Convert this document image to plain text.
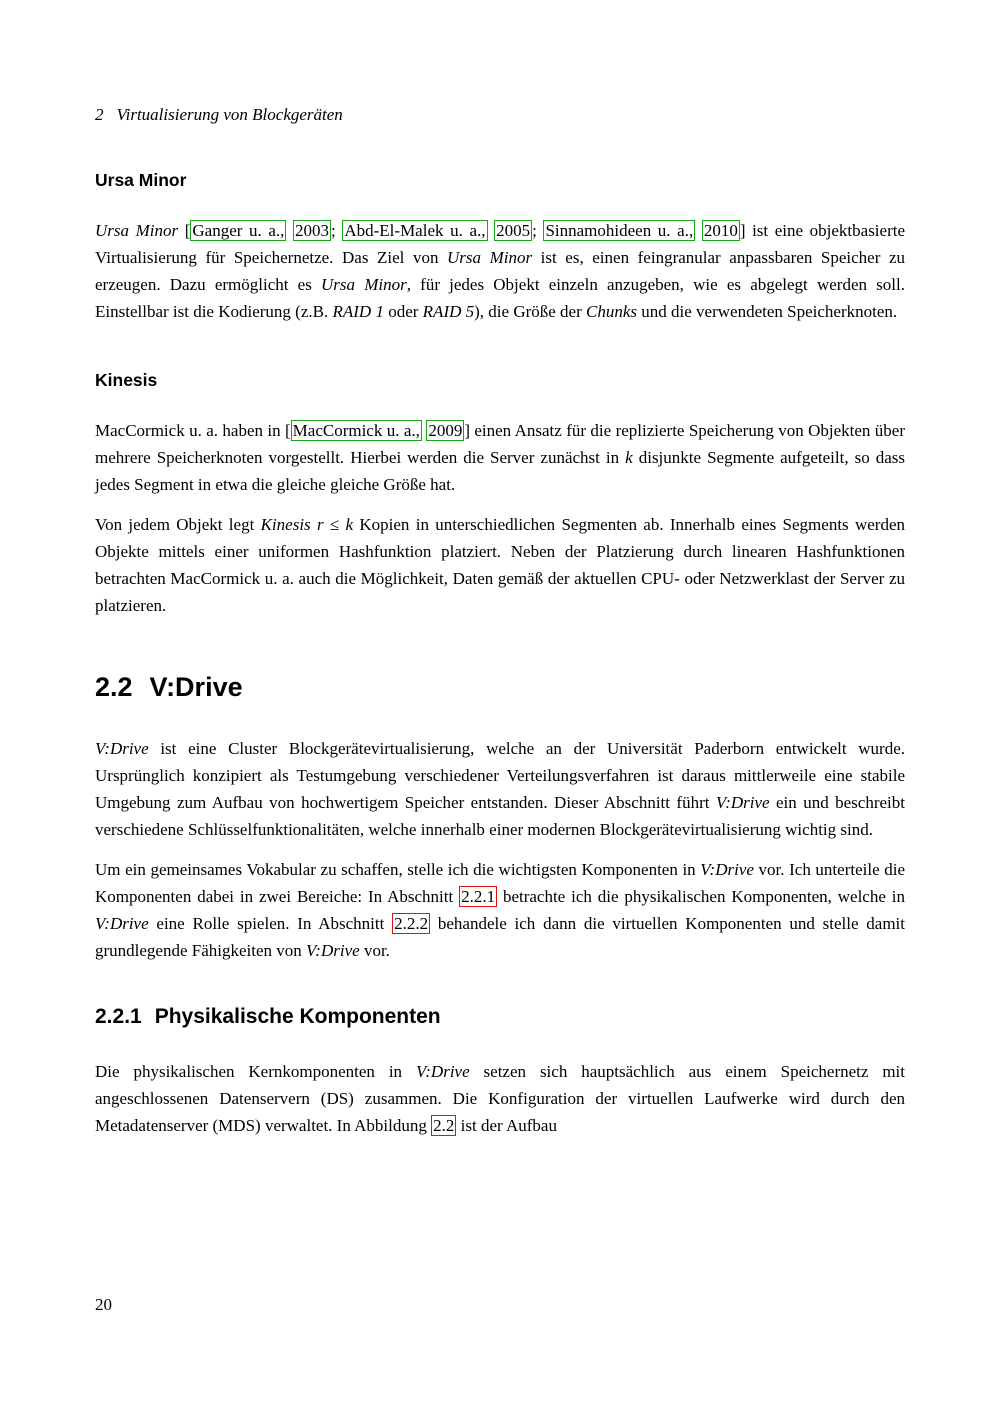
2 Virtualisierung von Blockgeräten
Ursa Minor

Ursa Minor [ Ganger u. a., 2003 ; Abd-El-Malek u. a., 2005 ; Sinnamohideen u. a., 2010 ] ist eine objektbasierte Virtualisierung für Speichernetze. Das Ziel von Ursa Minor ist es, einen feingranular anpassbaren Speicher zu erzeugen. Dazu ermöglicht es Ursa Minor, für jedes Objekt einzeln anzugeben, wie es abgelegt werden soll. Einstellbar ist die Kodierung (z.B. RAID 1 oder RAID 5), die Größe der Chunks und die verwendeten Speicherknoten.

Kinesis

MacCormick u. a. haben in [ MacCormick u. a., 2009 ] einen Ansatz für die replizierte Speicherung von Objekten über mehrere Speicherknoten vorgestellt. Hierbei werden die Server zunächst in k disjunkte Segmente aufgeteilt, so dass jedes Segment in etwa die gleiche gleiche Größe hat.

Von jedem Objekt legt Kinesis r ≤ k Kopien in unterschiedlichen Segmenten ab. Innerhalb eines Segments werden Objekte mittels einer uniformen Hashfunktion platziert. Neben der Platzierung durch linearen Hashfunktionen betrachten MacCormick u. a. auch die Möglichkeit, Daten gemäß der aktuellen CPU- oder Netzwerklast der Server zu platzieren.

2.2 V:Drive

V:Drive ist eine Cluster Blockgerätevirtualisierung, welche an der Universität Paderborn entwickelt wurde. Ursprünglich konzipiert als Testumgebung verschiedener Verteilungsverfahren ist daraus mittlerweile eine stabile Umgebung zum Aufbau von hochwertigem Speicher entstanden. Dieser Abschnitt führt V:Drive ein und beschreibt verschiedene Schlüsselfunktionalitäten, welche innerhalb einer modernen Blockgerätevirtualisierung wichtig sind.

Um ein gemeinsames Vokabular zu schaffen, stelle ich die wichtigsten Komponenten in V:Drive vor. Ich unterteile die Komponenten dabei in zwei Bereiche: In Abschnitt 2.2.1 betrachte ich die physikalischen Komponenten, welche in V:Drive eine Rolle spielen. In Abschnitt 2.2.2 behandele ich dann die virtuellen Komponenten und stelle damit grundlegende Fähigkeiten von V:Drive vor.

2.2.1 Physikalische Komponenten

Die physikalischen Kernkomponenten in V:Drive setzen sich hauptsächlich aus einem Speichernetz mit angeschlossenen Datenservern (DS) zusammen. Die Konfiguration der virtuellen Laufwerke wird durch den Metadatenserver (MDS) verwaltet. In Abbildung 2.2 ist der Aufbau

20
